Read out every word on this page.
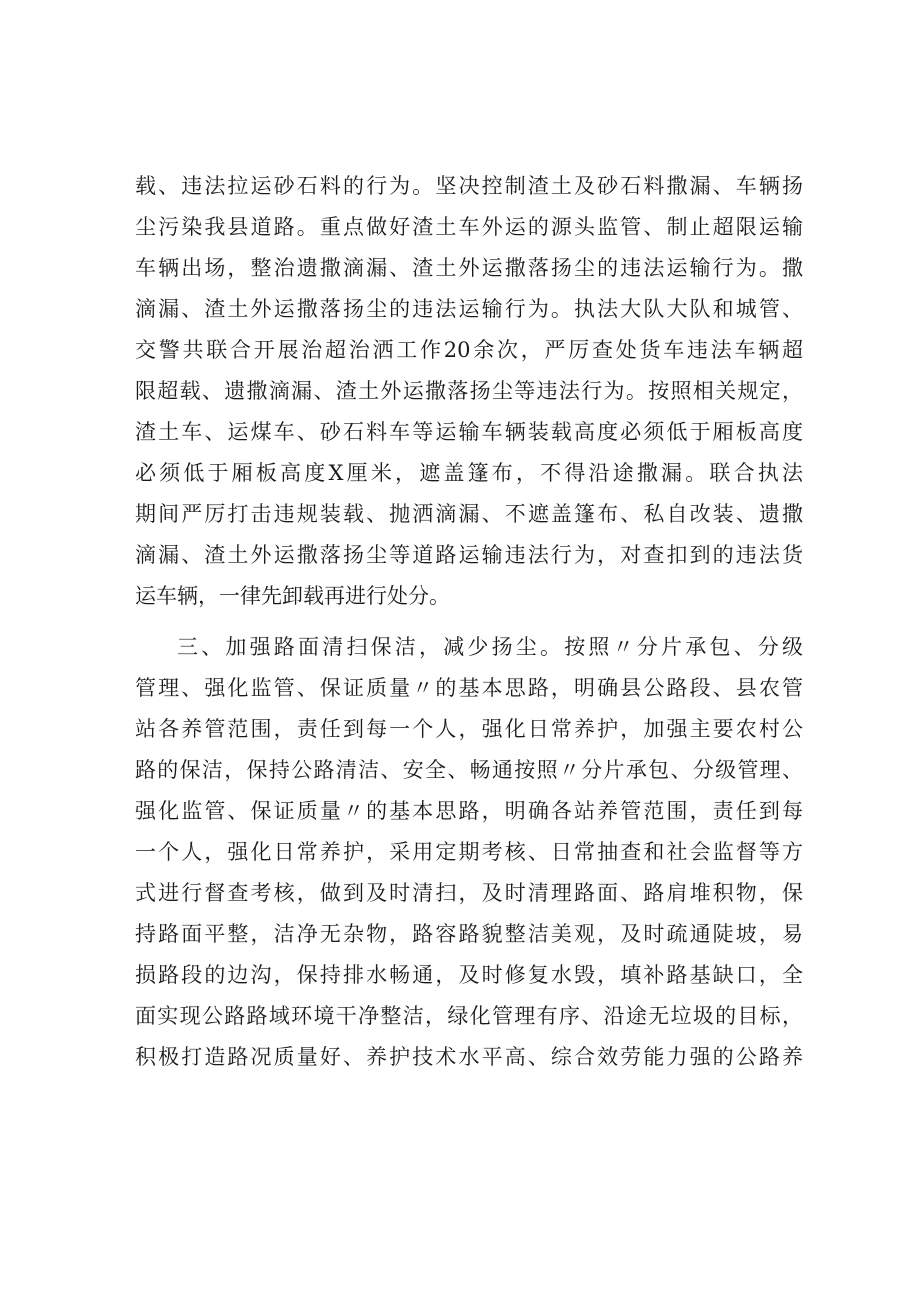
载、违法拉运砂石料的行为。坚决控制渣土及砂石料撒漏、车辆扬
尘污染我县道路。重点做好渣土车外运的源头监管、制止超限运输
车辆出场，整治遗撒滴漏、渣土外运撒落扬尘的违法运输行为。撒
滴漏、渣土外运撒落扬尘的违法运输行为。执法大队大队和城管、
交警共联合开展治超治洒工作20余次，严厉查处货车违法车辆超
限超载、遗撒滴漏、渣土外运撒落扬尘等违法行为。按照相关规定，
渣土车、运煤车、砂石料车等运输车辆装载高度必须低于厢板高度
必须低于厢板高度X厘米，遮盖篷布，不得沿途撒漏。联合执法
期间严厉打击违规装载、抛洒滴漏、不遮盖篷布、私自改装、遗撒
滴漏、渣土外运撒落扬尘等道路运输违法行为，对查扣到的违法货
运车辆，一律先卸载再进行处分。
三、加强路面清扫保洁，减少扬尘。按照〃分片承包、分级
管理、强化监管、保证质量〃的基本思路，明确县公路段、县农管
站各养管范围，责任到每一个人，强化日常养护，加强主要农村公
路的保洁，保持公路清洁、安全、畅通按照〃分片承包、分级管理、
强化监管、保证质量〃的基本思路，明确各站养管范围，责任到每
一个人，强化日常养护，采用定期考核、日常抽查和社会监督等方
式进行督查考核，做到及时清扫，及时清理路面、路肩堆积物，保
持路面平整，洁净无杂物，路容路貌整洁美观，及时疏通陡坡，易
损路段的边沟，保持排水畅通，及时修复水毁，填补路基缺口，全
面实现公路路域环境干净整洁，绿化管理有序、沿途无垃圾的目标，
积极打造路况质量好、养护技术水平高、综合效劳能力强的公路养
